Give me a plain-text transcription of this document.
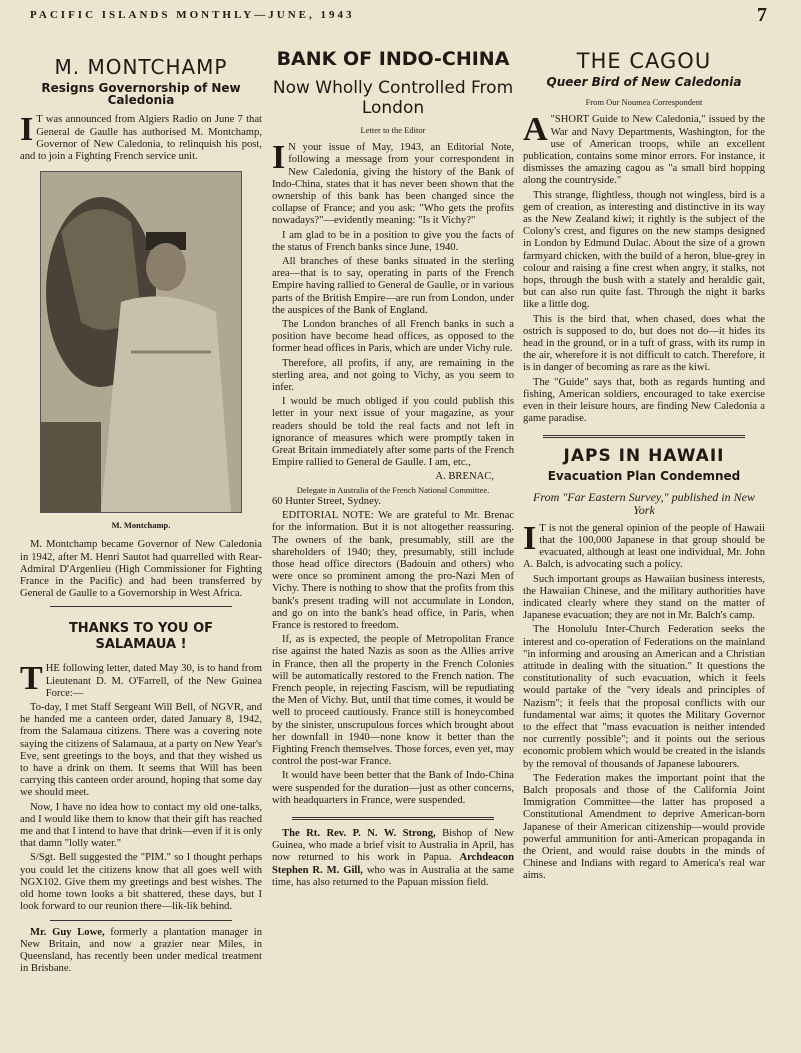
PACIFIC ISLANDS MONTHLY—JUNE, 1943	7
M. MONTCHAMP
Resigns Governorship of New Caledonia

I T was announced from Algiers Radio on June 7 that General de Gaulle has authorised M. Montchamp, Governor of New Caledonia, to relinquish his post, and to join a Fighting French service unit.

M. Montchamp.

M. Montchamp became Governor of New Caledonia in 1942, after M. Henri Sautot had quarrelled with Rear-Admiral D'Argenlieu (High Commissioner for Fighting France in the Pacific) and had been transferred by General de Gaulle to a Governorship in West Africa.

THANKS TO YOU OF SALAMAUA !

THE following letter, dated May 30, is to hand from Lieutenant D. M. O'Farrell, of the New Guinea Force:—

To-day, I met Staff Sergeant Will Bell, of NGVR, and he handed me a canteen order, dated January 8, 1942, from the Salamaua citizens. There was a covering note saying the citizens of Salamaua, at a party on New Year's Eve, sent greetings to the boys, and that they wished us to have a drink on them. It seems that Will has been carrying this canteen order around, hoping that some day we should meet.

Now, I have no idea how to contact my old one-talks, and I would like them to know that their gift has reached me and that I intend to have that drink—even if it is only that damn "lolly water."

S/Sgt. Bell suggested the "PIM." so I thought perhaps you could let the citizens know that all goes well with NGX102. Give them my greetings and best wishes. The old home town looks a bit shattered, these days, but I look forward to our reunion there—lik-lik behind.

Mr. Guy Lowe, formerly a plantation manager in New Britain, and now a grazier near Miles, in Queensland, has recently been under medical treatment in Brisbane.

BANK OF INDO-CHINA
Now Wholly Controlled From London
Letter to the Editor

I N your issue of May, 1943, an Editorial Note, following a message from your correspondent in New Caledonia, giving the history of the Bank of Indo-China, states that it has never been shown that the ownership of this bank has been changed since the collapse of France; and you ask: "Who gets the profits nowadays?"—evidently meaning: "Is it Vichy?"

I am glad to be in a position to give you the facts of the status of French banks since June, 1940.

All branches of these banks situated in the sterling area—that is to say, operating in parts of the French Empire having rallied to General de Gaulle, or in various parts of the British Empire—are run from London, under the auspices of the Bank of England.

The London branches of all French banks in such a position have become head offices, as opposed to the former head offices in Paris, which are under Vichy rule.

Therefore, all profits, if any, are remaining in the sterling area, and not going to Vichy, as you seem to infer.

I would be much obliged if you could publish this letter in your next issue of your magazine, as your readers should be told the real facts and not left in ignorance of measures which were promptly taken in Great Britain immediately after some parts of the French Empire rallied to General de Gaulle. I am, etc.,

A. BRENAC,
Delegate in Australia of the French National Committee.

60 Hunter Street, Sydney.

EDITORIAL NOTE: We are grateful to Mr. Brenac for the information. But it is not altogether reassuring. The owners of the bank, presumably, still are the shareholders of 1940; they, presumably, still include those head office directors (Badouin and others) who were once so prominent among the pro-Nazi Men of Vichy. There is nothing to show that the profits from this bank's present trading will not accumulate in London, and go on into the bank's head office, in Paris, when France is restored to freedom.

If, as is expected, the people of Metropolitan France rise against the hated Nazis as soon as the Allies arrive in France, then all the property in the French Colonies will be automatically restored to the French nation. The French people, in rejecting Fascism, will be repudiating the Men of Vichy. But, until that time comes, it would be well to proceed cautiously. France still is honeycombed by the sinister, unscrupulous forces which brought about her downfall in 1940—none know it better than the Fighting French themselves. Those forces, even yet, may control the post-war France.

It would have been better that the Bank of Indo-China were suspended for the duration—just as other concerns, with headquarters in France, were suspended.

The Rt. Rev. P. N. W. Strong, Bishop of New Guinea, who made a brief visit to Australia in April, has now returned to his work in Papua. Archdeacon Stephen R. M. Gill, who was in Australia at the same time, has also returned to the Papuan mission field.

THE CAGOU
Queer Bird of New Caledonia
From Our Noumea Correspondent

A "SHORT Guide to New Caledonia," issued by the War and Navy Departments, Washington, for the use of American troops, while an excellent publication, contains some minor errors. For instance, it dismisses the amazing cagou as "a small bird hopping along the countryside."

This strange, flightless, though not wingless, bird is a gem of creation, as interesting and distinctive in its way as the New Zealand kiwi; it rightly is the subject of the Colony's crest, and figures on the new stamps designed in London by Edmund Dulac. About the size of a grown farmyard chicken, with the build of a heron, blue-grey in colour and raising a fine crest when angry, it stalks, not hops, through the bush with a stately and heraldic gait, but can also run quite fast. Through the night it barks like a little dog.

This is the bird that, when chased, does what the ostrich is supposed to do, but does not do—it hides its head in the ground, or in a tuft of grass, with its rump in the air, wherefore it is not difficult to catch. Therefore, it is in danger of becoming as rare as the kiwi.

The "Guide" says that, both as regards hunting and fishing, American soldiers, encouraged to take exercise even in their leisure hours, are finding New Caledonia a game paradise.

JAPS IN HAWAII
Evacuation Plan Condemned
From "Far Eastern Survey," published in New York

I T is not the general opinion of the people of Hawaii that the 100,000 Japanese in that group should be evacuated, although at least one individual, Mr. John A. Balch, is advocating such a policy.

Such important groups as Hawaiian business interests, the Hawaiian Chinese, and the military authorities have indicated clearly where they stand on the matter of Japanese evacuation; they are not in Mr. Balch's camp.

The Honolulu Inter-Church Federation seeks the interest and co-operation of Federations on the mainland "in informing and arousing an American and a Christian attitude in dealing with the situation." It questions the constitutionality of such evacuation, which it feels would partake of the "very ideals and principles of Nazism"; it feels that the proposal conflicts with our fundamental war aims; it quotes the Military Governor to the effect that "mass evacuation is neither intended nor currently possible"; and it points out the serious economic problem which would be created in the islands by the removal of thousands of Japanese labourers.

The Federation makes the important point that the Balch proposals and those of the California Joint Immigration Committee—the latter has proposed a Constitutional Amendment to deprive American-born Japanese of their American citizenship—would provide powerful ammunition for anti-American propaganda in the Orient, and would raise doubts in the minds of Chinese and Indians with regard to America's real war aims.
